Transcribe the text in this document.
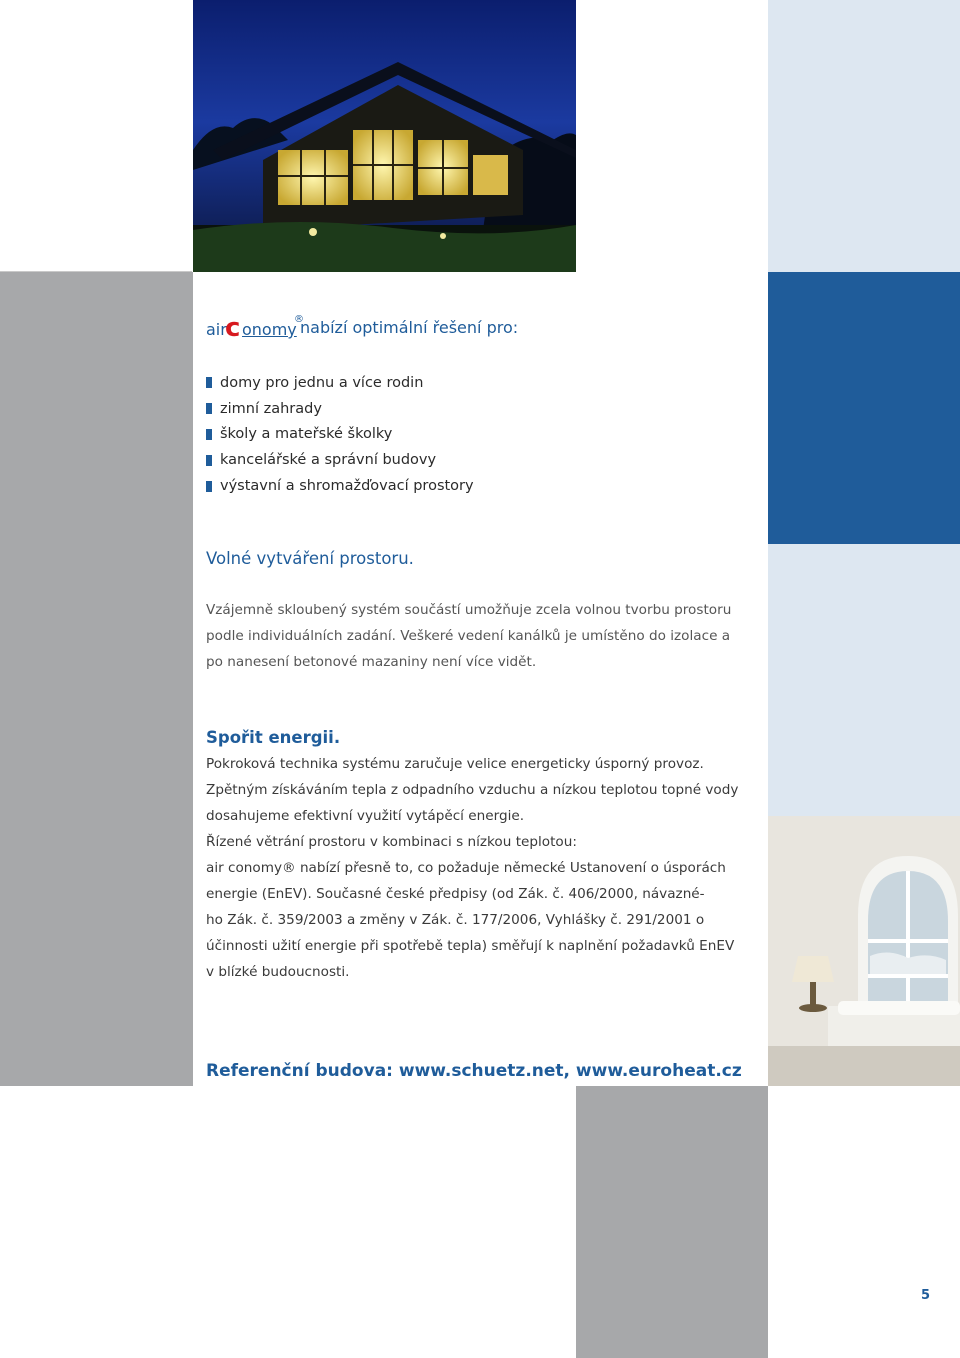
air
c onomy
®
nabízí optimální řešení pro:
domy pro jednu a více rodin
zimní zahrady
školy a mateřské školky
kancelářské a správní budovy
výstavní a shromažďovací prostory
Volné vytváření prostoru.
Vzájemně skloubený systém součástí umožňuje zcela volnou tvorbu prostoru
podle individuálních zadání. Veškeré vedení kanálků je umístěno do izolace a
po nanesení betonové mazaniny není více vidět.
Spořit energii.
Pokroková technika systému zaručuje velice energeticky úsporný provoz.
Zpětným získáváním tepla z odpadního vzduchu a nízkou teplotou topné vody
dosahujeme efektivní využití vytápěcí energie.
Řízené větrání prostoru v kombinaci s nízkou teplotou:
air conomy® nabízí přesně to, co požaduje německé Ustanovení o úsporách
energie (EnEV). Současné české předpisy (od Zák. č. 406/2000, návazné-
ho Zák. č. 359/2003 a změny v Zák. č. 177/2006, Vyhlášky č. 291/2001 o
účinnosti užití energie při spotřebě tepla) směřují k naplnění požadavků EnEV
v blízké budoucnosti.
Referenční budova: www.schuetz.net, www.euroheat.cz
5
